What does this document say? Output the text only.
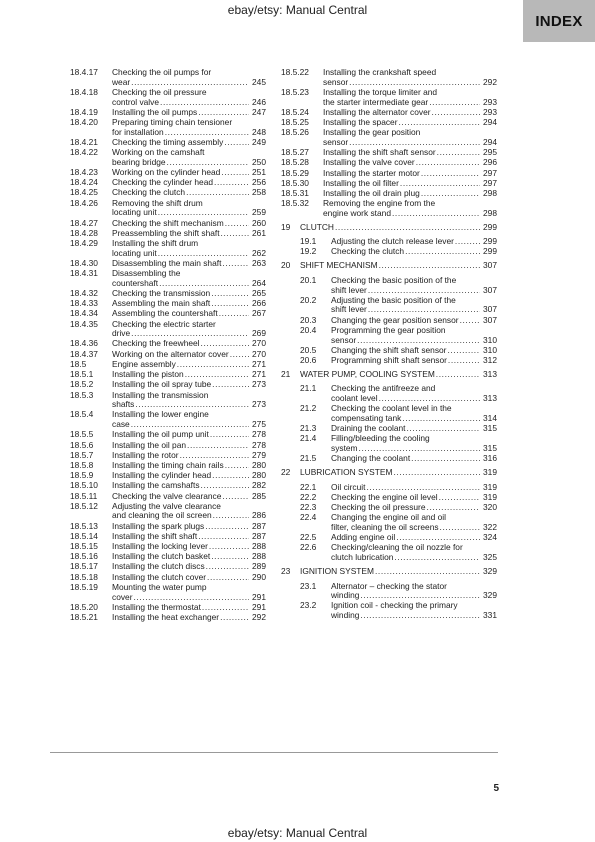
ebay/etsy: Manual Central
INDEX
18.4.17 Checking the oil pumps for
wear .....	245
18.4.18 Checking the oil pressure
control valve .....	246
18.4.19 Installing the oil pumps .....	247
18.4.20 Preparing timing chain tensioner
for installation .....	248
18.4.21 Checking the timing assembly .....	249
18.4.22 Working on the camshaft
bearing bridge .....	250
18.4.23 Working on the cylinder head .....	251
18.4.24 Checking the cylinder head .....	256
18.4.25 Checking the clutch .....	258
18.4.26 Removing the shift drum
locating unit .....	259
18.4.27 Checking the shift mechanism .....	260
18.4.28 Preassembling the shift shaft .....	261
18.4.29 Installing the shift drum
locating unit .....	262
18.4.30 Disassembling the main shaft .....	263
18.4.31 Disassembling the
countershaft .....	264
18.4.32 Checking the transmission .....	265
18.4.33 Assembling the main shaft .....	266
18.4.34 Assembling the countershaft .....	267
18.4.35 Checking the electric starter
drive .....	269
18.4.36 Checking the freewheel .....	270
18.4.37 Working on the alternator cover .....	270
18.5	Engine assembly .....	271
18.5.1 Installing the piston .....	271
18.5.2 Installing the oil spray tube .....	273
18.5.3 Installing the transmission
shafts .....	273
18.5.4 Installing the lower engine
case .....	275
18.5.5 Installing the oil pump unit .....	278
18.5.6 Installing the oil pan .....	278
18.5.7 Installing the rotor .....	279
18.5.8 Installing the timing chain rails .....	280
18.5.9 Installing the cylinder head .....	280
18.5.10 Installing the camshafts .....	282
18.5.11 Checking the valve clearance .....	285
18.5.12 Adjusting the valve clearance
and cleaning the oil screen .....	286
18.5.13 Installing the spark plugs .....	287
18.5.14 Installing the shift shaft .....	287
18.5.15 Installing the locking lever .....	288
18.5.16 Installing the clutch basket .....	288
18.5.17 Installing the clutch discs .....	289
18.5.18 Installing the clutch cover .....	290
18.5.19 Mounting the water pump
cover .....	291
18.5.20 Installing the thermostat .....	291
18.5.21 Installing the heat exchanger .....	292
18.5.22 Installing the crankshaft speed
sensor .....	292
18.5.23 Installing the torque limiter and
the starter intermediate gear .....	293
18.5.24 Installing the alternator cover .....	293
18.5.25 Installing the spacer .....	294
18.5.26 Installing the gear position
sensor .....	294
18.5.27 Installing the shift shaft sensor .....	295
18.5.28 Installing the valve cover .....	296
18.5.29 Installing the starter motor .....	297
18.5.30 Installing the oil filter .....	297
18.5.31 Installing the oil drain plug .....	298
18.5.32 Removing the engine from the
engine work stand .....	298
19 CLUTCH .....	299
19.1 Adjusting the clutch release lever .....	299
19.2 Checking the clutch .....	299
20 SHIFT MECHANISM .....	307
20.1 Checking the basic position of the
shift lever .....	307
20.2 Adjusting the basic position of the
shift lever .....	307
20.3 Changing the gear position sensor .....	307
20.4 Programming the gear position
sensor .....	310
20.5 Changing the shift shaft sensor .....	310
20.6 Programming shift shaft sensor .....	312
21 WATER PUMP, COOLING SYSTEM .....	313
21.1 Checking the antifreeze and
coolant level .....	313
21.2 Checking the coolant level in the
compensating tank .....	314
21.3 Draining the coolant .....	315
21.4 Filling/bleeding the cooling
system .....	315
21.5 Changing the coolant .....	316
22 LUBRICATION SYSTEM .....	319
22.1 Oil circuit .....	319
22.2 Checking the engine oil level .....	319
22.3 Checking the oil pressure .....	320
22.4 Changing the engine oil and oil
filter, cleaning the oil screens .....	322
22.5 Adding engine oil .....	324
22.6 Checking/cleaning the oil nozzle for
clutch lubrication .....	325
23 IGNITION SYSTEM .....	329
23.1 Alternator – checking the stator
winding .....	329
23.2 Ignition coil - checking the primary
winding .....	331
5
ebay/etsy: Manual Central
